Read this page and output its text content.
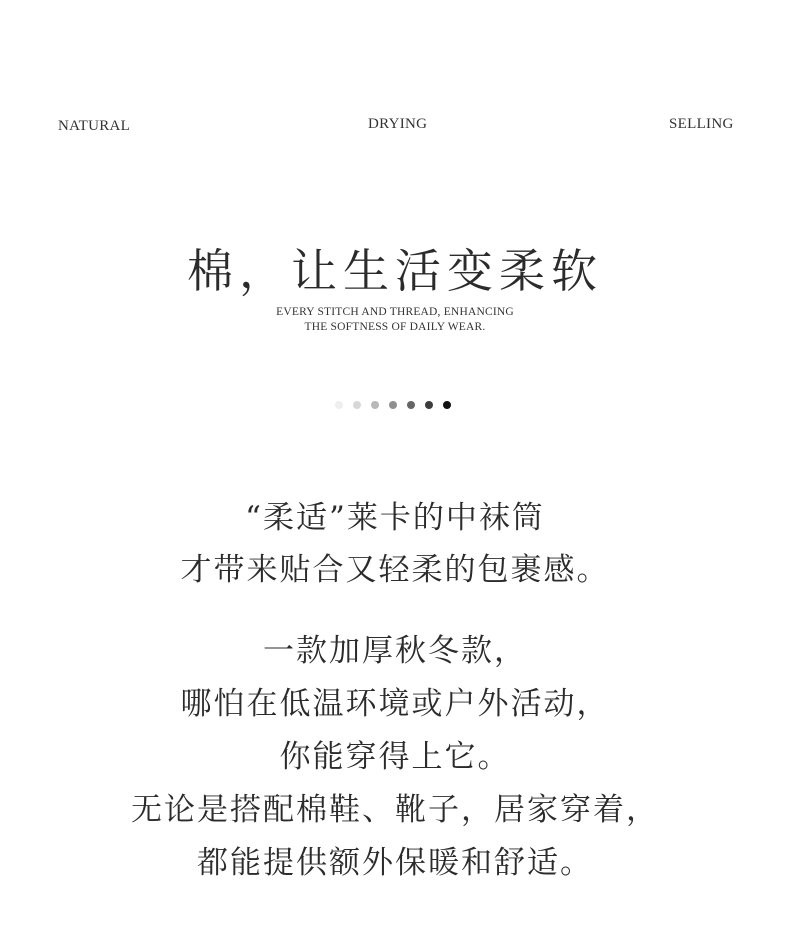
NATURAL	DRYING	SELLING
棉，让生活变柔软
EVERY STITCH AND THREAD, ENHANCING
THE SOFTNESS OF DAILY WEAR.
“柔适”莱卡的中袜筒
才带来贴合又轻柔的包裹感。
一款加厚秋冬款，
哪怕在低温环境或户外活动，
你能穿得上它。
无论是搭配棉鞋、靴子，居家穿着，
都能提供额外保暖和舒适。
